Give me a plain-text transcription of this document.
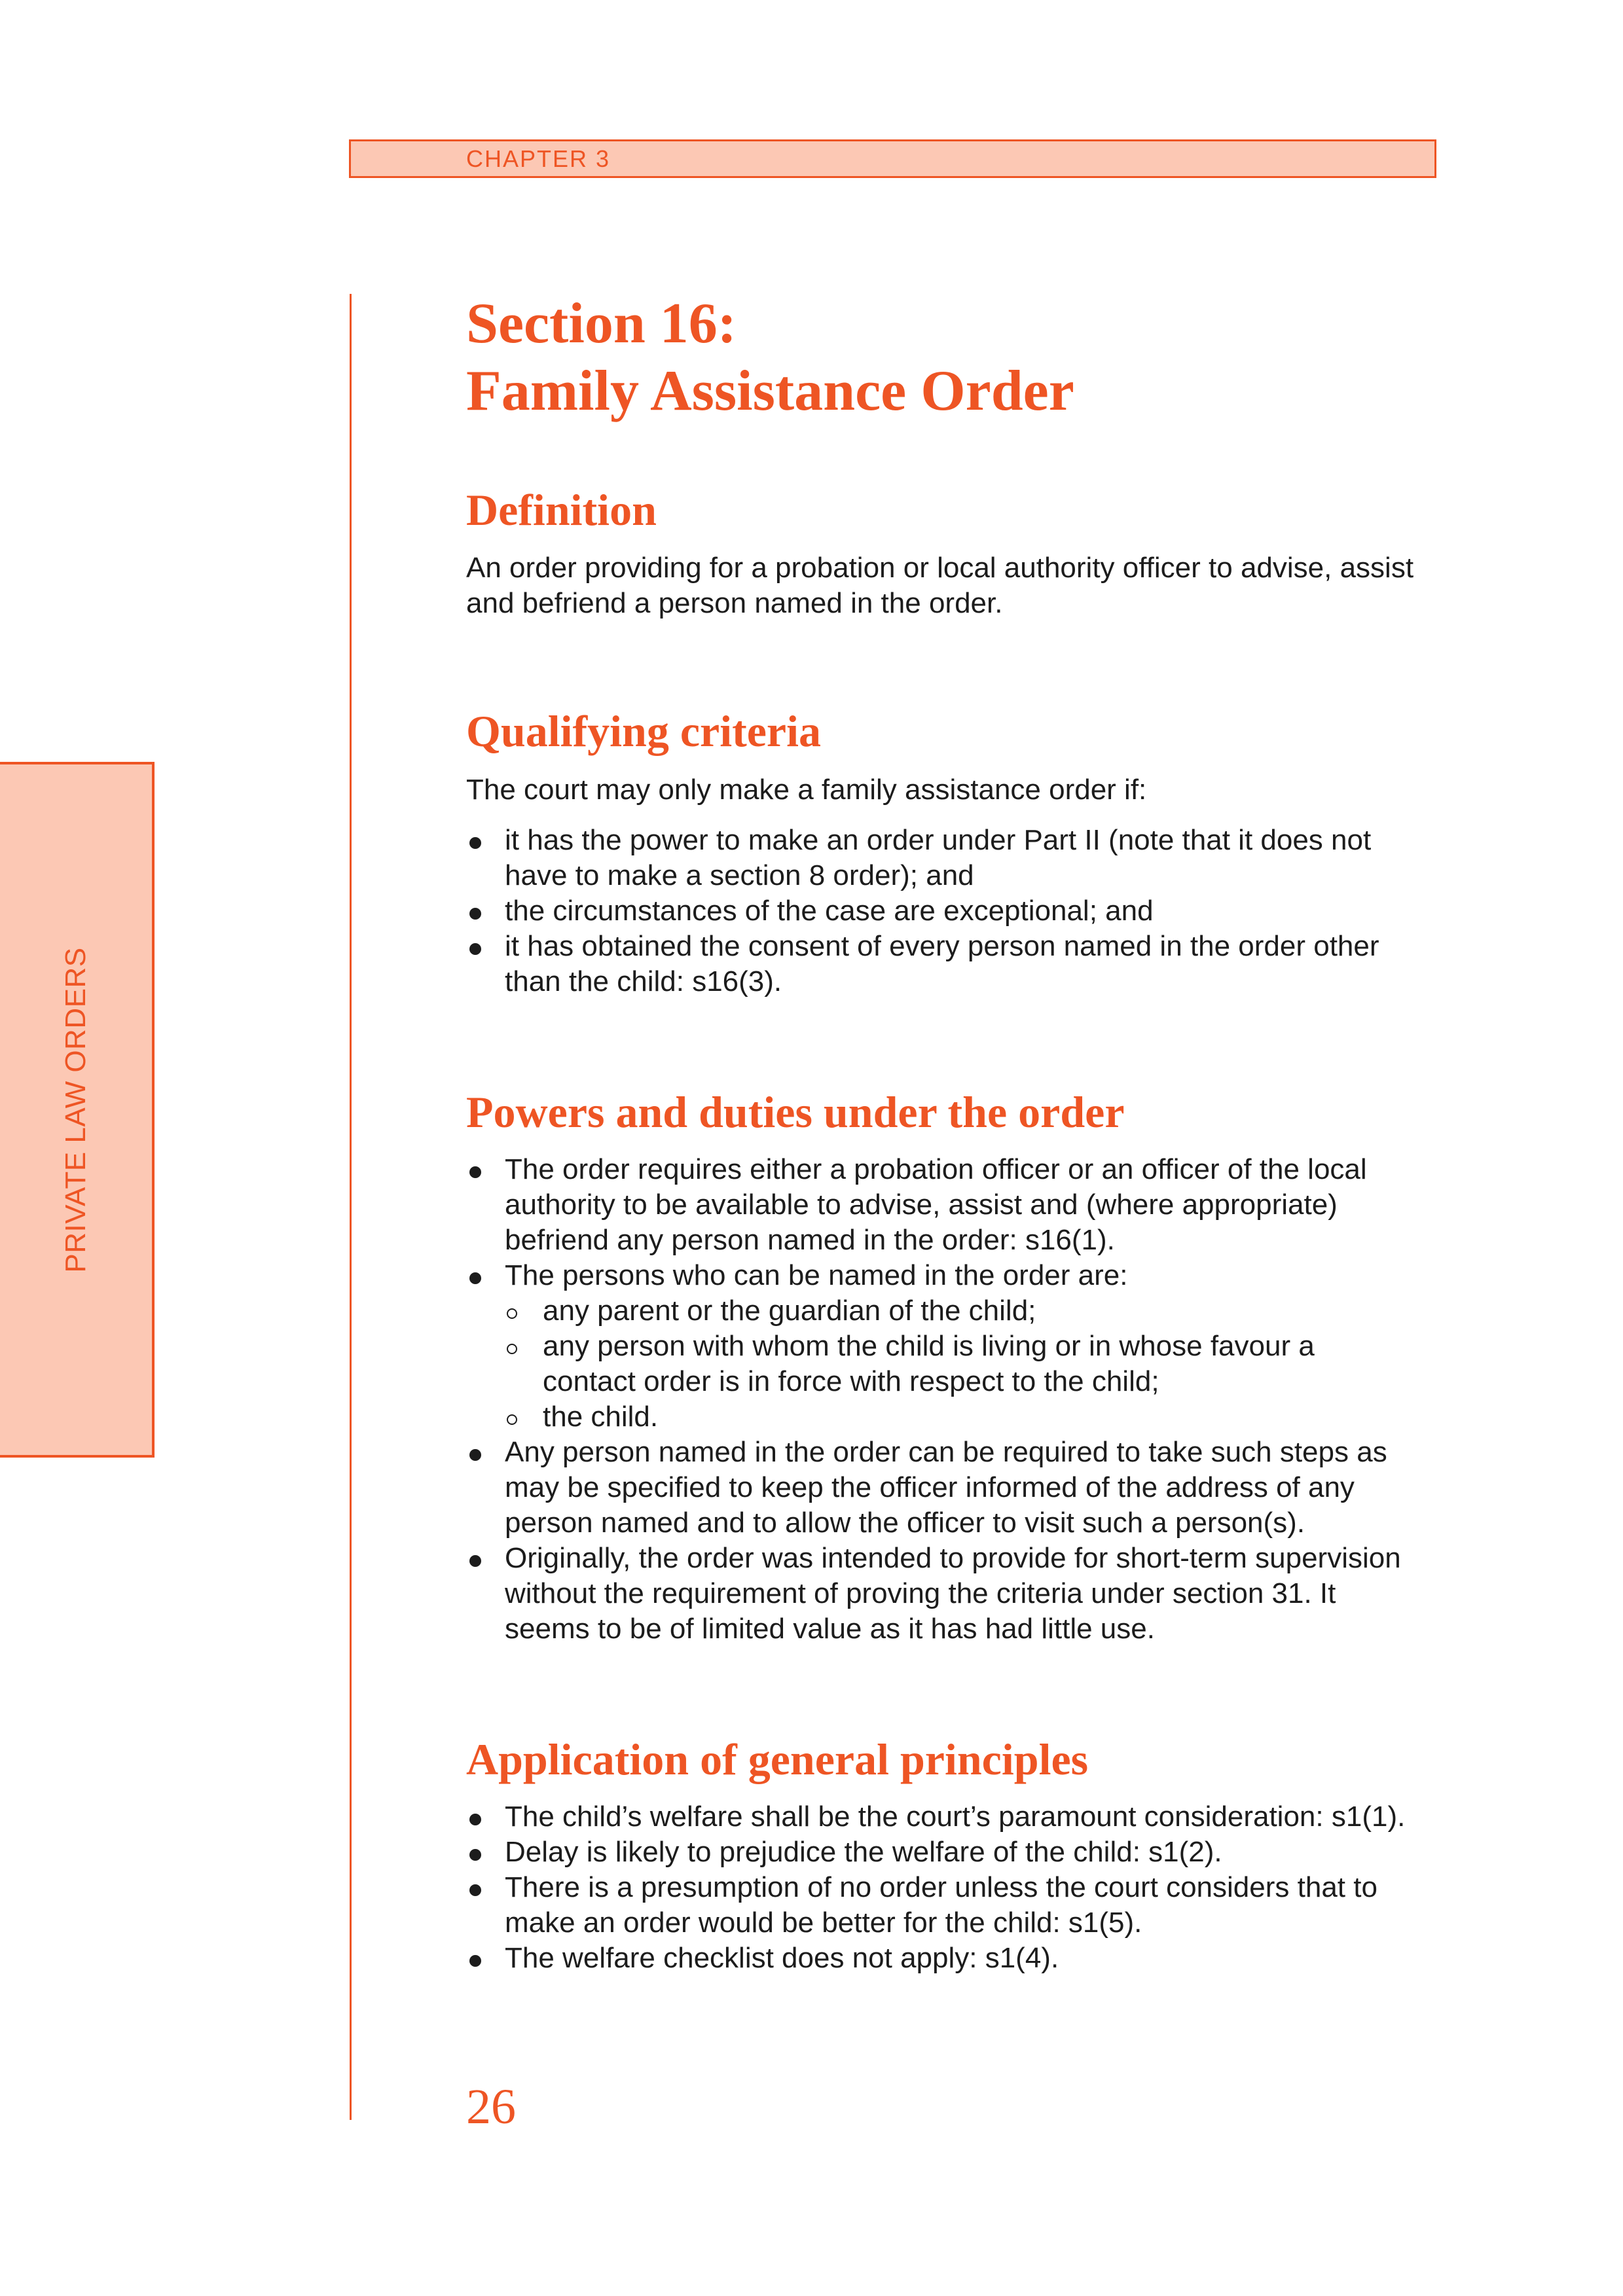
CHAPTER 3
PRIVATE LAW ORDERS
Section 16:
Family Assistance Order
Definition

An order providing for a probation or local authority officer to advise, assist
and befriend a person named in the order.

Qualifying criteria

The court may only make a family assistance order if:

it has the power to make an order under Part II (note that it does not
have to make a section 8 order); and
the circumstances of the case are exceptional; and
it has obtained the consent of every person named in the order other
than the child: s16(3).
Powers and duties under the order
The order requires either a probation officer or an officer of the local
authority to be available to advise, assist and (where appropriate)
befriend any person named in the order: s16(1).
The persons who can be named in the order are:
any parent or the guardian of the child;
any person with whom the child is living or in whose favour a
contact order is in force with respect to the child;
the child.
Any person named in the order can be required to take such steps as
may be specified to keep the officer informed of the address of any
person named and to allow the officer to visit such a person(s).
Originally, the order was intended to provide for short-term supervision
without the requirement of proving the criteria under section 31. It
seems to be of limited value as it has had little use.
Application of general principles
The child’s welfare shall be the court’s paramount consideration: s1(1).
Delay is likely to prejudice the welfare of the child: s1(2).
There is a presumption of no order unless the court considers that to
make an order would be better for the child: s1(5).
The welfare checklist does not apply: s1(4).
26
